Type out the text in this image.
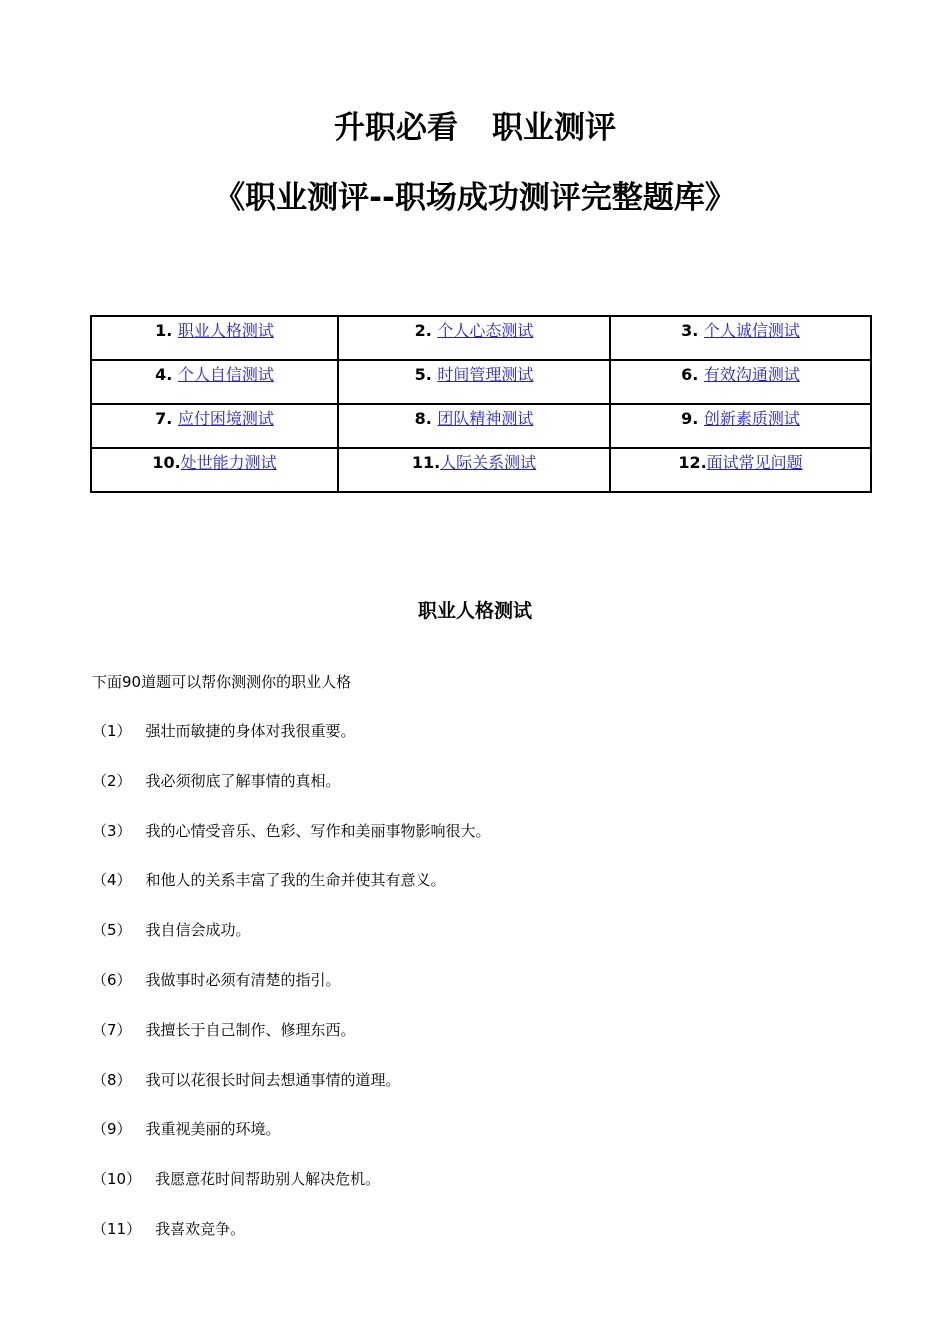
升职必看 职业测评
《职业测评--职场成功测评完整题库》
1. 职业人格测试	2. 个人心态测试	3. 个人诚信测试
4. 个人自信测试	5. 时间管理测试	6. 有效沟通测试
7. 应付困境测试	8. 团队精神测试	9. 创新素质测试
10.处世能力测试	11.人际关系测试	12.面试常见问题
职业人格测试
下面90道题可以帮你测测你的职业人格
（1） 强壮而敏捷的身体对我很重要。
（2） 我必须彻底了解事情的真相。
（3） 我的心情受音乐、色彩、写作和美丽事物影响很大。
（4） 和他人的关系丰富了我的生命并使其有意义。
（5） 我自信会成功。
（6） 我做事时必须有清楚的指引。
（7） 我擅长于自己制作、修理东西。
（8） 我可以花很长时间去想通事情的道理。
（9） 我重视美丽的环境。
（10） 我愿意花时间帮助别人解决危机。
（11） 我喜欢竞争。
